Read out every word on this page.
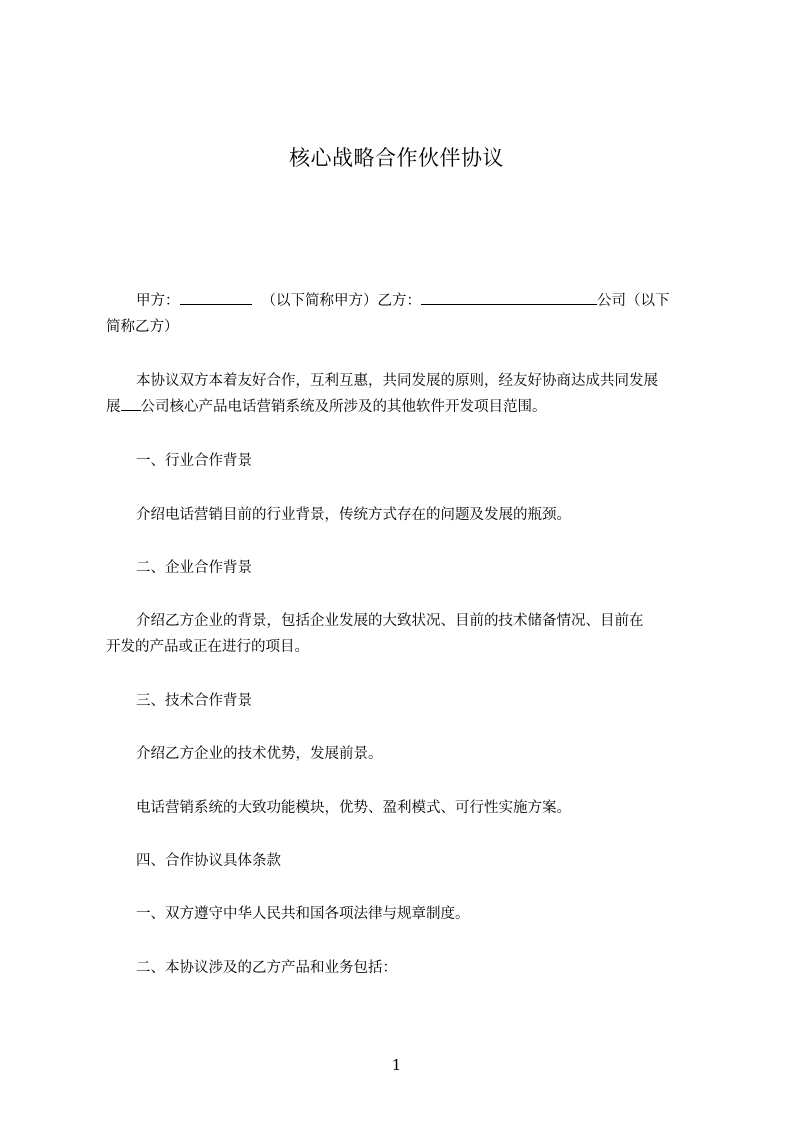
核心战略合作伙伴协议
甲方：	（以下简称甲方）乙方：	公司（以下
简称乙方）
本协议双方本着友好合作，互利互惠，共同发展的原则，经友好协商达成共同发展
展 公司核心产品电话营销系统及所涉及的其他软件开发项目范围。
一、行业合作背景
介绍电话营销目前的行业背景，传统方式存在的问题及发展的瓶颈。
二、企业合作背景
介绍乙方企业的背景，包括企业发展的大致状况、目前的技术储备情况、目前在
开发的产品或正在进行的项目。
三、技术合作背景
介绍乙方企业的技术优势，发展前景。
电话营销系统的大致功能模块，优势、盈利模式、可行性实施方案。
四、合作协议具体条款
一、双方遵守中华人民共和国各项法律与规章制度。
二、本协议涉及的乙方产品和业务包括：
1
